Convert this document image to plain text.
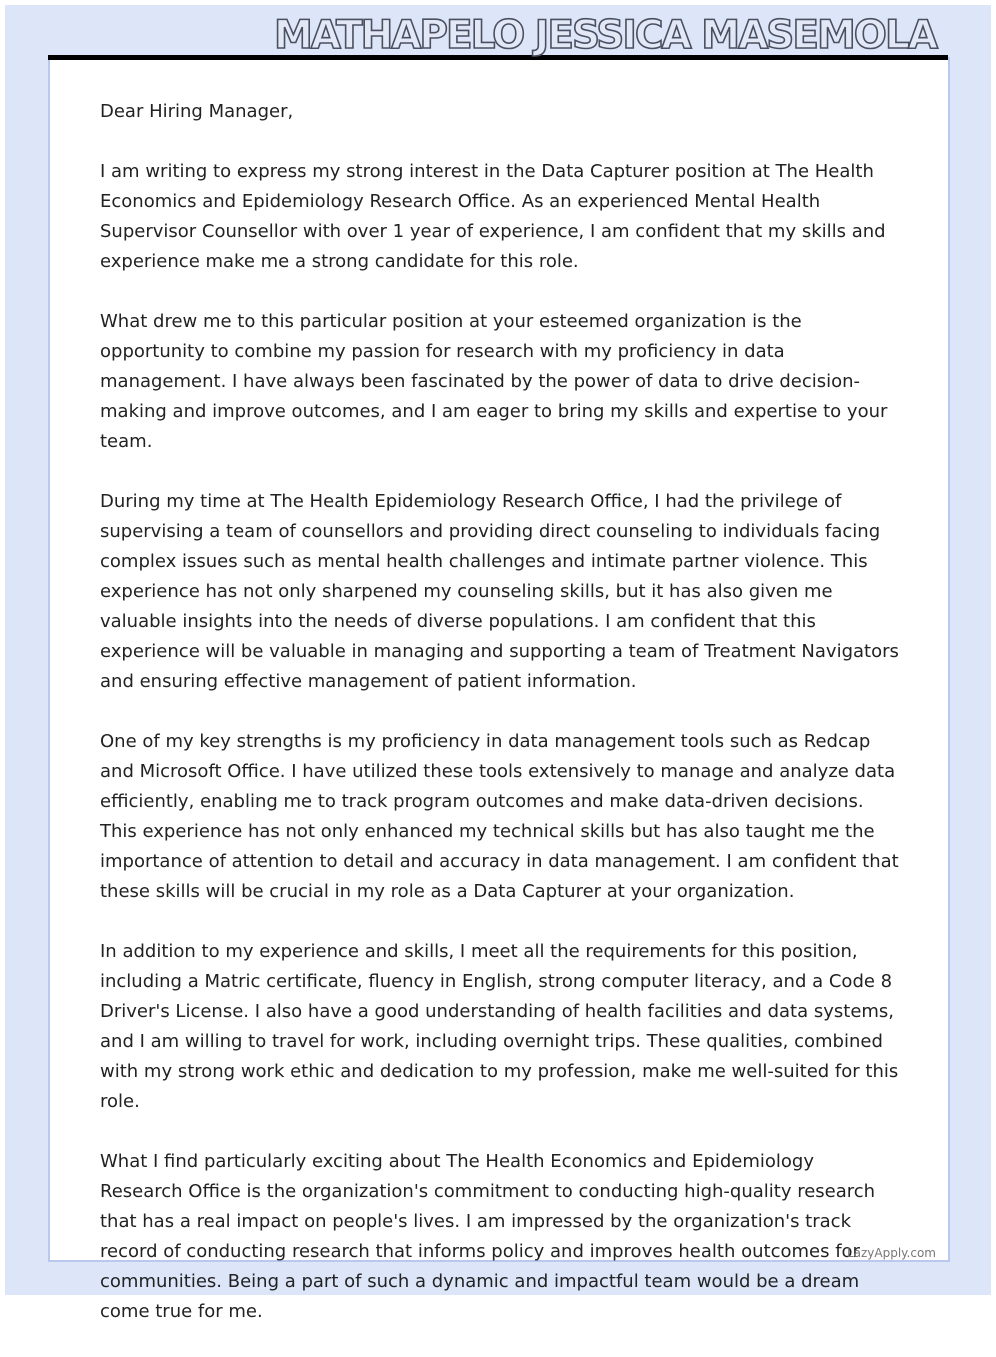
MATHAPELO JESSICA MASEMOLA

Dear Hiring Manager,

I am writing to express my strong interest in the Data Capturer position at The Health Economics and Epidemiology Research Office. As an experienced Mental Health Supervisor Counsellor with over 1 year of experience, I am confident that my skills and experience make me a strong candidate for this role.

What drew me to this particular position at your esteemed organization is the opportunity to combine my passion for research with my proficiency in data management. I have always been fascinated by the power of data to drive decision-making and improve outcomes, and I am eager to bring my skills and expertise to your team.

During my time at The Health Epidemiology Research Office, I had the privilege of supervising a team of counsellors and providing direct counseling to individuals facing complex issues such as mental health challenges and intimate partner violence. This experience has not only sharpened my counseling skills, but it has also given me valuable insights into the needs of diverse populations. I am confident that this experience will be valuable in managing and supporting a team of Treatment Navigators and ensuring effective management of patient information.

One of my key strengths is my proficiency in data management tools such as Redcap and Microsoft Office. I have utilized these tools extensively to manage and analyze data efficiently, enabling me to track program outcomes and make data-driven decisions. This experience has not only enhanced my technical skills but has also taught me the importance of attention to detail and accuracy in data management. I am confident that these skills will be crucial in my role as a Data Capturer at your organization.

In addition to my experience and skills, I meet all the requirements for this position, including a Matric certificate, fluency in English, strong computer literacy, and a Code 8 Driver's License. I also have a good understanding of health facilities and data systems, and I am willing to travel for work, including overnight trips. These qualities, combined with my strong work ethic and dedication to my profession, make me well-suited for this role.

What I find particularly exciting about The Health Economics and Epidemiology Research Office is the organization's commitment to conducting high-quality research that has a real impact on people's lives. I am impressed by the organization's track record of conducting research that informs policy and improves health outcomes for communities. Being a part of such a dynamic and impactful team would be a dream come true for me.

LazyApply.com
